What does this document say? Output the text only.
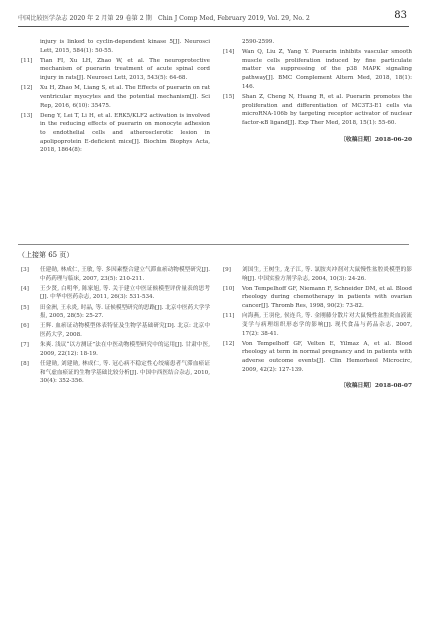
中国比较医学杂志 2020 年 2 月第 29 卷第 2 期　Chin J Comp Med, February 2019, Vol. 29, No. 2	83
injury is linked to cyclin-dependent kinase 5[J]. Neurosci Lett, 2015, 584(1): 50-55.
[11]	Tian FI, Xu LH, Zhao W, et al. The neuroprotective mechanism of puerarin treatment of acute spinal cord injury in rats[J]. Neurosci Lett, 2013, 543(5): 64-68.
[12]	Xu H, Zhao M, Liang S, et al. The Effects of puerarin on rat ventricular myocytes and the potential mechanism[J]. Sci Rep, 2016, 6(10): 35475.
[13]	Deng Y, Lei T, Li H, et al. ERK5/KLF2 activation is involved in the reducing effects of puerarin on monocyte adhesion to endothelial cells and atherosclerotic lesion in apolipoprotein E-deficient mice[J]. Biochim Biophys Acta, 2018, 1864(8):
2590-2599.
[14]	Wan Q, Liu Z, Yang Y. Puerarin inhibits vascular smooth muscle cells proliferation induced by fine particulate matter via suppressing of the p38 MAPK signaling pathway[J]. BMC Complement Altern Med, 2018, 18(1): 146.
[15]	Shan Z, Cheng N, Huang R, et al. Puerarin promotes the proliferation and differentiation of MC3T3-E1 cells via microRNA-106b by targeting receptor activator of nuclear factor-κB ligand[J]. Exp Ther Med, 2018, 15(1): 55-60.
〔收稿日期〕2018-06-20
（上接第 65 页）
[3]	任建勋, 林成仁, 王敏, 等. 多因素整合建立气滞血瘀动物模型研究[J]. 中药药理与临床, 2007, 23(5): 210-211.
[4]	王少贤, 白明华, 陈家旭, 等. 关于建立中医证候模型评价量表的思考[J]. 中华中医药杂志, 2011, 26(3): 531-534.
[5]	田金洲, 王永炎, 时晶, 等. 证候模型研究的思路[J]. 北京中医药大学学报, 2005, 28(5): 25-27.
[6]	王辉. 血瘀证动物模型体表特征及生物学基础研究[D]. 北京: 北京中医药大学, 2008.
[7]	朱爽. 浅议“以方测证”法在中医动物模型研究中的运用[J]. 甘肃中医, 2009, 22(12): 18-19.
[8]	任建勋, 刘建勋, 林成仁, 等. 冠心病不稳定性心绞痛患者气滞血瘀证和气虚血瘀证的生物学基础比较分析[J]. 中国中西医结合杂志, 2010, 30(4): 352-356.
[9]	刘国生, 王树生, 龙子江, 等. 氯胺夹冲剂对大鼠慢性盆腔炎模型的影响[J]. 中国实验方剂学杂志, 2004, 10(3): 24-26.
[10]	Von Tempelhoff GF, Niemann F, Schneider DM, et al. Blood rheology during chemotherapy in patients with ovarian cancer[J]. Thromb Res, 1998, 90(2): 73-82.
[11]	向海燕, 王羽伦, 侯连兵, 等. 金刚藤分散片对大鼠慢性盆腔炎血液流变学与病理组织形态学的影响[J]. 现代食品与药品杂志, 2007, 17(2): 38-41.
[12]	Von Tempelhoff GF, Velten E, Yilmaz A, et al. Blood rheology at term in normal pregnancy and in patients with adverse outcome events[J]. Clin Hemorheol Microcirc, 2009, 42(2): 127-139.
〔收稿日期〕2018-08-07
